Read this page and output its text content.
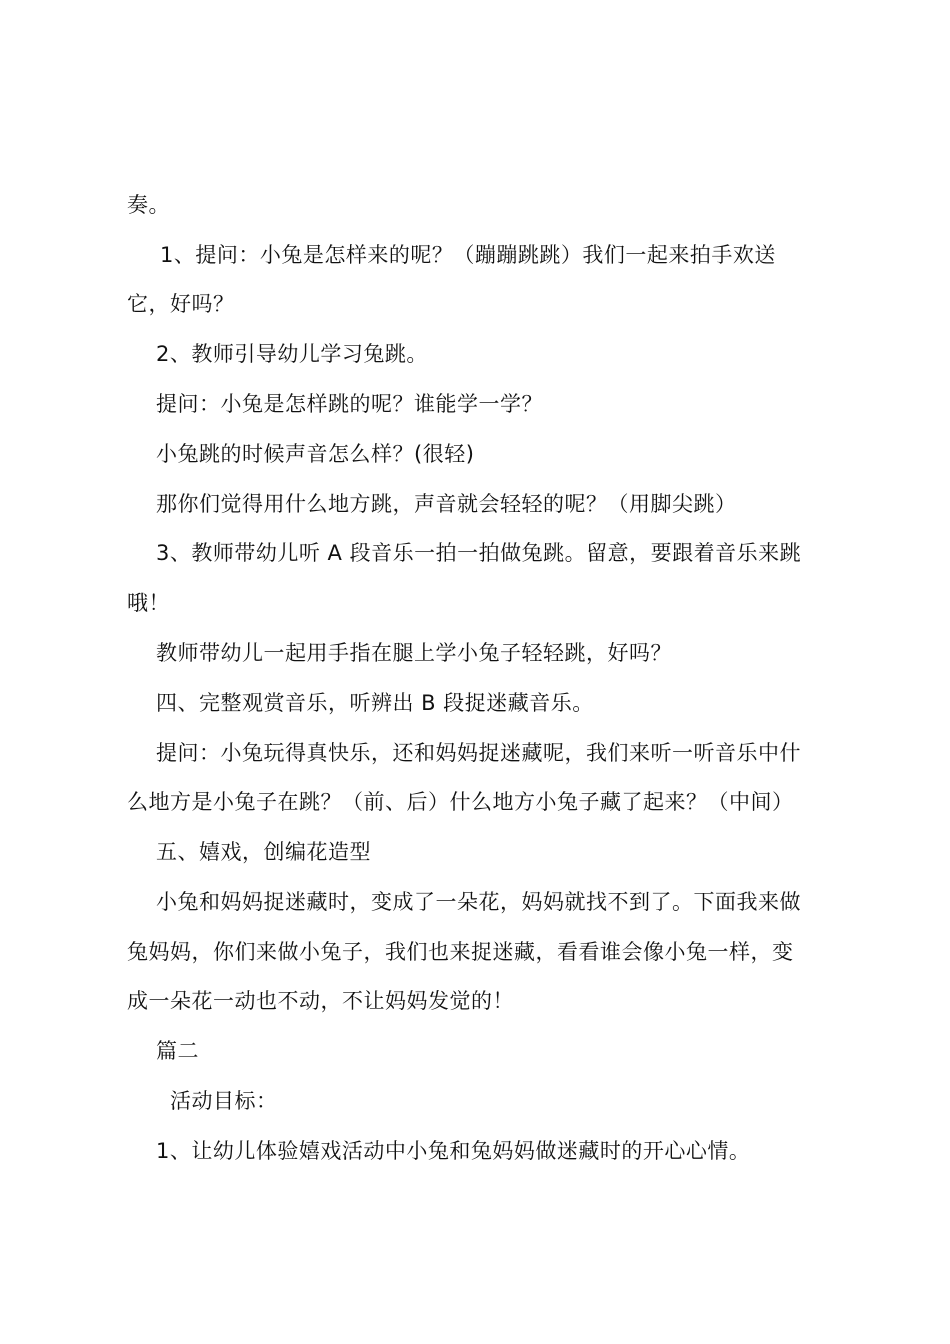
奏。
1、提问：小兔是怎样来的呢？（蹦蹦跳跳）我们一起来拍手欢送
它，好吗？
2、教师引导幼儿学习兔跳。
提问：小兔是怎样跳的呢？谁能学一学？
小兔跳的时候声音怎么样？(很轻)
那你们觉得用什么地方跳，声音就会轻轻的呢？（用脚尖跳）
3、教师带幼儿听 A 段音乐一拍一拍做兔跳。留意，要跟着音乐来跳
哦！
教师带幼儿一起用手指在腿上学小兔子轻轻跳，好吗？
四、完整观赏音乐，听辨出 B 段捉迷藏音乐。
提问：小兔玩得真快乐，还和妈妈捉迷藏呢，我们来听一听音乐中什
么地方是小兔子在跳？（前、后）什么地方小兔子藏了起来？（中间）
五、嬉戏，创编花造型
小兔和妈妈捉迷藏时，变成了一朵花，妈妈就找不到了。下面我来做
兔妈妈，你们来做小兔子，我们也来捉迷藏，看看谁会像小兔一样，变
成一朵花一动也不动，不让妈妈发觉的！
篇二
活动目标：
1、让幼儿体验嬉戏活动中小兔和兔妈妈做迷藏时的开心心情。
